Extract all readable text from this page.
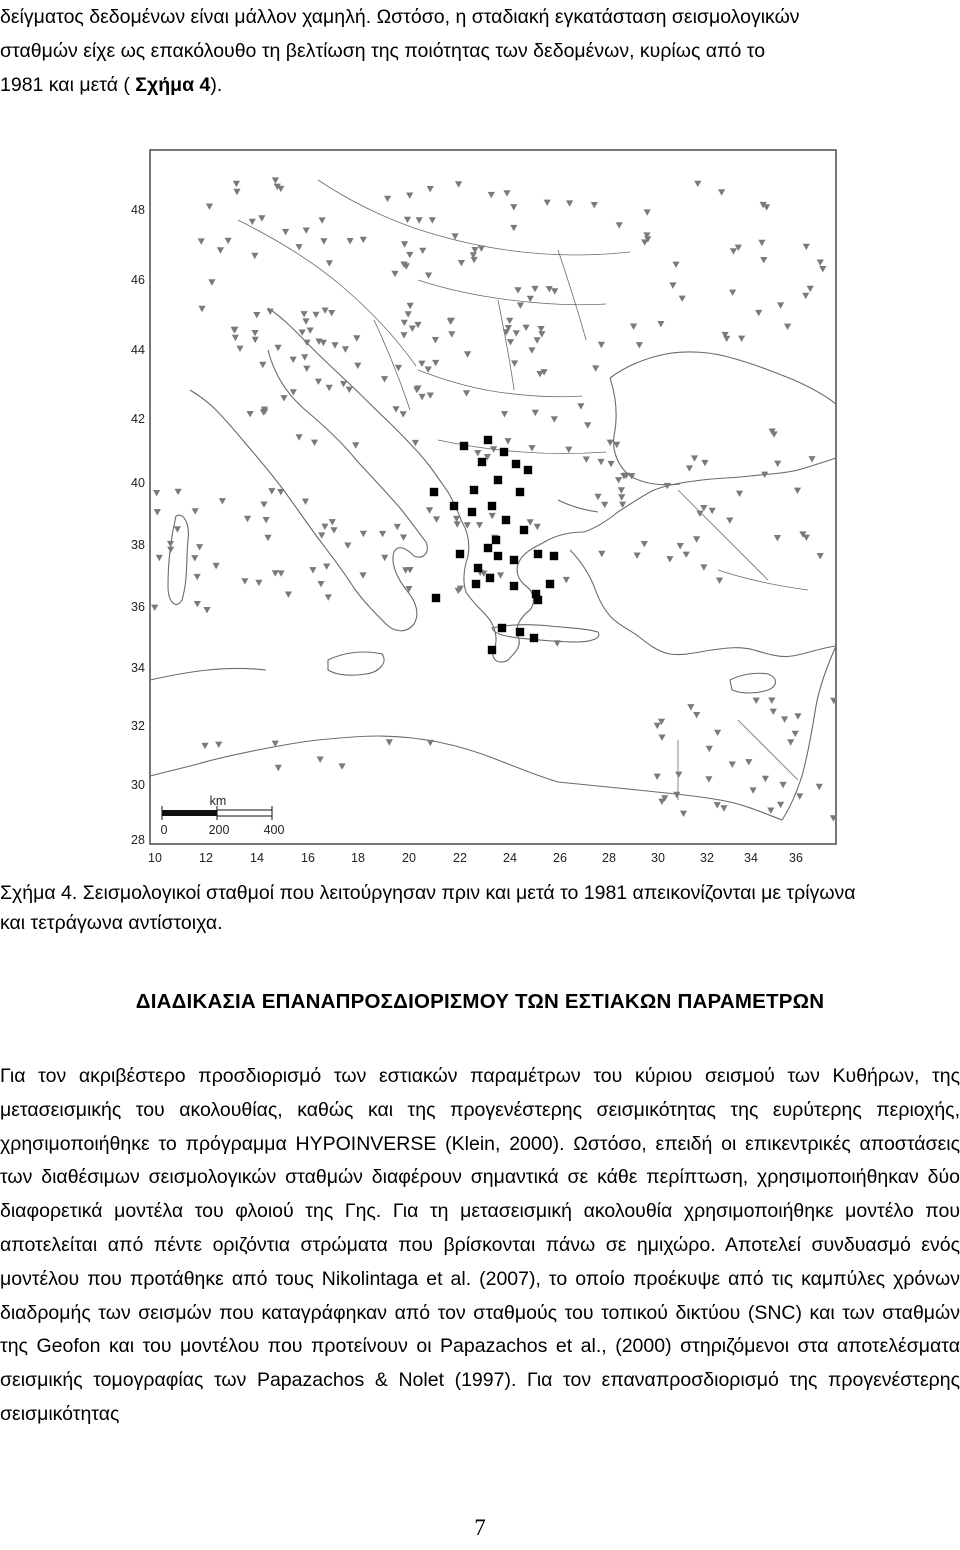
δείγματος δεδομένων είναι μάλλον χαμηλή. Ωστόσο, η σταδιακή εγκατάσταση σεισμολογικών

σταθμών είχε ως επακόλουθο τη βελτίωση της ποιότητας των δεδομένων, κυρίως από το

1981 και μετά ( Σχήμα 4).

48
46
44
42
40
38
36
34
32
30
28
10	12	14	16	18	20	22	24	26	28	30	32 34 36
km
0	200	400
Σχήμα 4. Σεισμολογικοί σταθμοί που λειτούργησαν πριν και μετά το 1981 απεικονίζονται με τρίγωνα
και τετράγωνα αντίστοιχα.
ΔΙΑΔΙΚΑΣΙΑ ΕΠΑΝΑΠΡΟΣΔΙΟΡΙΣΜΟΥ ΤΩΝ ΕΣΤΙΑΚΩΝ ΠΑΡΑΜΕΤΡΩΝ

Για τον ακριβέστερο προσδιορισμό των εστιακών παραμέτρων του κύριου σεισμού των Κυθήρων, της μετασεισμικής του ακολουθίας, καθώς και της προγενέστερης σεισμικότητας της ευρύτερης περιοχής, χρησιμοποιήθηκε το πρόγραμμα HYPOINVERSE (Klein, 2000). Ωστόσο, επειδή οι επικεντρικές αποστάσεις των διαθέσιμων σεισμολογικών σταθμών διαφέρουν σημαντικά σε κάθε περίπτωση, χρησιμοποιήθηκαν δύο διαφορετικά μοντέλα του φλοιού της Γης. Για τη μετασεισμική ακολουθία χρησιμοποιήθηκε μοντέλο που αποτελείται από πέντε οριζόντια στρώματα που βρίσκονται πάνω σε ημιχώρο. Αποτελεί συνδυασμό ενός μοντέλου που προτάθηκε από τους Nikolintaga et al. (2007), το οποίο προέκυψε από τις καμπύλες χρόνων διαδρομής των σεισμών που καταγράφηκαν από τον σταθμούς του τοπικού δικτύου (SNC) και των σταθμών της Geofon και του μοντέλου που προτείνουν οι Papazachos et al., (2000) στηριζόμενοι στα αποτελέσματα σεισμικής τομογραφίας των Papazachos & Nolet (1997). Για τον επαναπροσδιορισμό της προγενέστερης σεισμικότητας

7
